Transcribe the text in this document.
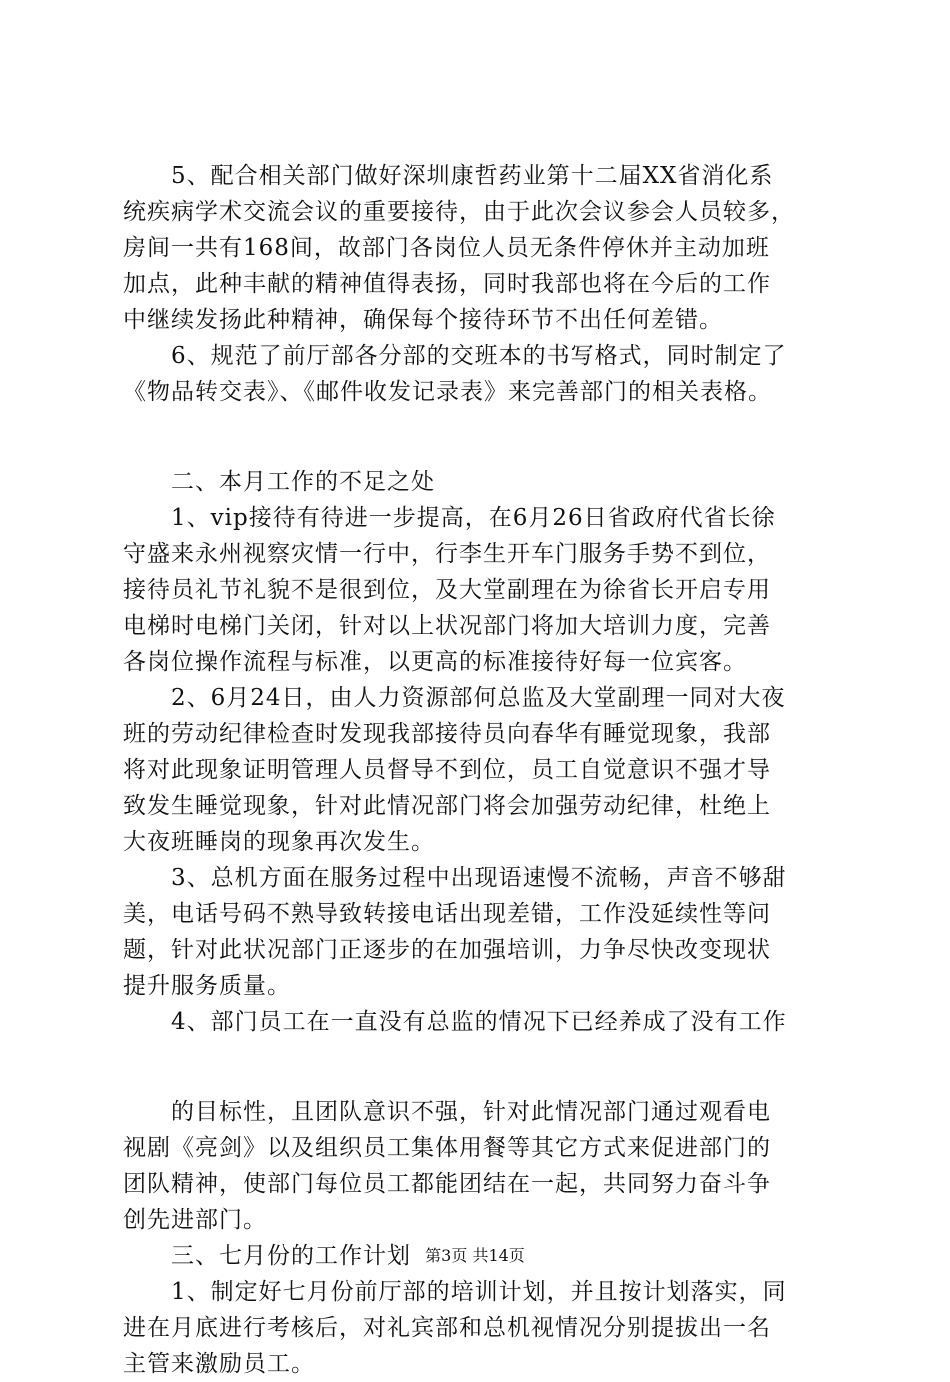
5、配合相关部门做好深圳康哲药业第十二届XX省消化系
统疾病学术交流会议的重要接待，由于此次会议参会人员较多，
房间一共有168间，故部门各岗位人员无条件停休并主动加班
加点，此种丰献的精神值得表扬，同时我部也将在今后的工作
中继续发扬此种精神，确保每个接待环节不出任何差错。
6、规范了前厅部各分部的交班本的书写格式，同时制定了
《物品转交表》、《邮件收发记录表》来完善部门的相关表格。
二、本月工作的不足之处
1、vip接待有待进一步提高，在6月26日省政府代省长徐
守盛来永州视察灾情一行中，行李生开车门服务手势不到位，
接待员礼节礼貌不是很到位，及大堂副理在为徐省长开启专用
电梯时电梯门关闭，针对以上状况部门将加大培训力度，完善
各岗位操作流程与标准，以更高的标准接待好每一位宾客。
2、6月24日，由人力资源部何总监及大堂副理一同对大夜
班的劳动纪律检查时发现我部接待员向春华有睡觉现象，我部
将对此现象证明管理人员督导不到位，员工自觉意识不强才导
致发生睡觉现象，针对此情况部门将会加强劳动纪律，杜绝上
大夜班睡岗的现象再次发生。
3、总机方面在服务过程中出现语速慢不流畅，声音不够甜
美，电话号码不熟导致转接电话出现差错，工作没延续性等问
题，针对此状况部门正逐步的在加强培训，力争尽快改变现状
提升服务质量。
4、部门员工在一直没有总监的情况下已经养成了没有工作
的目标性，且团队意识不强，针对此情况部门通过观看电
视剧《亮剑》以及组织员工集体用餐等其它方式来促进部门的
团队精神，使部门每位员工都能团结在一起，共同努力奋斗争
创先进部门。
三、七月份的工作计划
1、制定好七月份前厅部的培训计划，并且按计划落实，同
进在月底进行考核后，对礼宾部和总机视情况分别提拔出一名
主管来激励员工。
第3页 共14页
